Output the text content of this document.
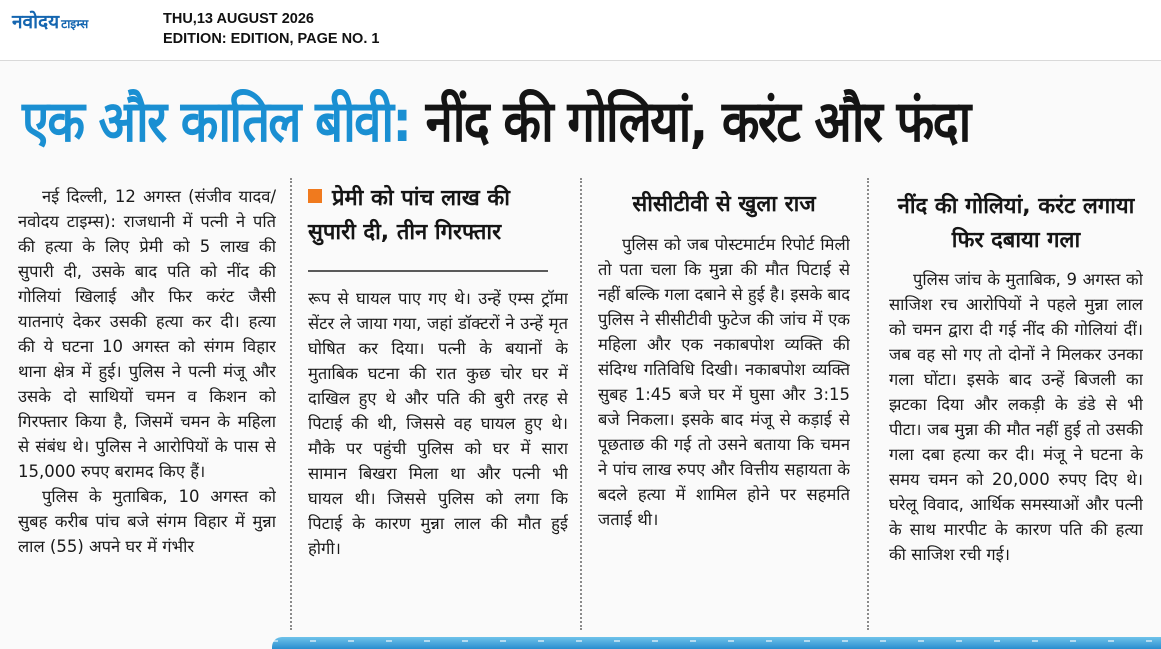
नवोदय टाइम्स	THU,13 AUGUST 2026
EDITION: EDITION, PAGE NO. 1
एक और कातिल बीवी: नींद की गोलियां, करंट और फंदा

नई दिल्ली, 12 अगस्त (संजीव यादव/नवोदय टाइम्स): राजधानी में पत्नी ने पति की हत्या के लिए प्रेमी को 5 लाख की सुपारी दी, उसके बाद पति को नींद की गोलियां खिलाई और फिर करंट जैसी यातनाएं देकर उसकी हत्या कर दी। हत्या की ये घटना 10 अगस्त को संगम विहार थाना क्षेत्र में हुई। पुलिस ने पत्नी मंजू और उसके दो साथियों चमन व किशन को गिरफ्तार किया है, जिसमें चमन के महिला से संबंध थे। पुलिस ने आरोपियों के पास से 15,000 रुपए बरामद किए हैं।

पुलिस के मुताबिक, 10 अगस्त को सुबह करीब पांच बजे संगम विहार में मुन्ना लाल (55) अपने घर में गंभीर

प्रेमी को पांच लाख की सुपारी दी, तीन गिरफ्तार

रूप से घायल पाए गए थे। उन्हें एम्स ट्रॉमा सेंटर ले जाया गया, जहां डॉक्टरों ने उन्हें मृत घोषित कर दिया। पत्नी के बयानों के मुताबिक घटना की रात कुछ चोर घर में दाखिल हुए थे और पति की बुरी तरह से पिटाई की थी, जिससे वह घायल हुए थे। मौके पर पहुंची पुलिस को घर में सारा सामान बिखरा मिला था और पत्नी भी घायल थी। जिससे पुलिस को लगा कि पिटाई के कारण मुन्ना लाल की मौत हुई होगी।

सीसीटीवी से खुला राज

पुलिस को जब पोस्टमार्टम रिपोर्ट मिली तो पता चला कि मुन्ना की मौत पिटाई से नहीं बल्कि गला दबाने से हुई है। इसके बाद पुलिस ने सीसीटीवी फुटेज की जांच में एक महिला और एक नकाबपोश व्यक्ति की संदिग्ध गतिविधि दिखी। नकाबपोश व्यक्ति सुबह 1:45 बजे घर में घुसा और 3:15 बजे निकला। इसके बाद मंजू से कड़ाई से पूछताछ की गई तो उसने बताया कि चमन ने पांच लाख रुपए और वित्तीय सहायता के बदले हत्या में शामिल होने पर सहमति जताई थी।

नींद की गोलियां, करंट लगाया फिर दबाया गला

पुलिस जांच के मुताबिक, 9 अगस्त को साजिश रच आरोपियों ने पहले मुन्ना लाल को चमन द्वारा दी गई नींद की गोलियां दीं। जब वह सो गए तो दोनों ने मिलकर उनका गला घोंटा। इसके बाद उन्हें बिजली का झटका दिया और लकड़ी के डंडे से भी पीटा। जब मुन्ना की मौत नहीं हुई तो उसकी गला दबा हत्या कर दी। मंजू ने घटना के समय चमन को 20,000 रुपए दिए थे। घरेलू विवाद, आर्थिक समस्याओं और पत्नी के साथ मारपीट के कारण पति की हत्या की साजिश रची गई।
